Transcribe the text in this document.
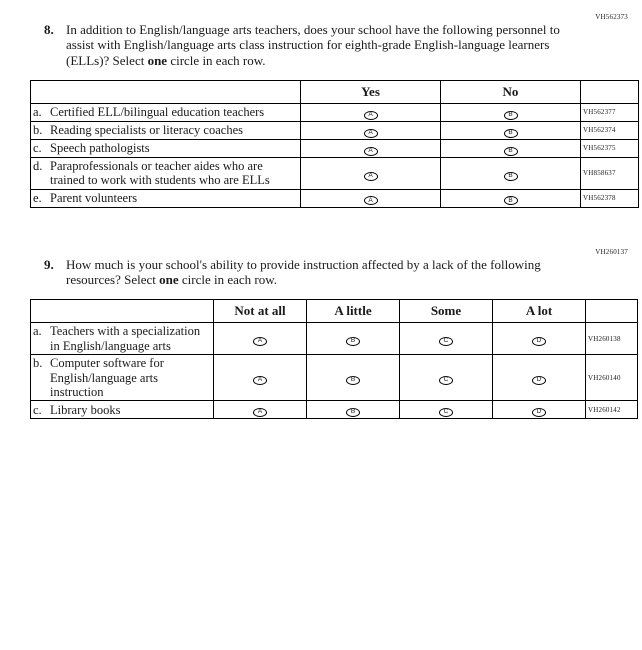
VH562373
8. In addition to English/language arts teachers, does your school have the following personnel to assist with English/language arts class instruction for eighth-grade English-language learners (ELLs)? Select one circle in each row.
	Yes	No	

a. Certified ELL/bilingual education teachers	A	B	VH562377

b. Reading specialists or literacy coaches	A	B	VH562374

c. Speech pathologists	A	B	VH562375

d. Paraprofessionals or teacher aides who are trained to work with students who are ELLs	A	B	VH858637

e. Parent volunteers	A	B	VH562378
VH260137
9. How much is your school's ability to provide instruction affected by a lack of the following resources? Select one circle in each row.
	Not at all	A little	Some	A lot	

a. Teachers with a specialization in English/language arts	A	B	C	D	VH260138

b. Computer software for English/language arts instruction	A	B	C	D	VH260140

c. Library books	A	B	C	D	VH260142
